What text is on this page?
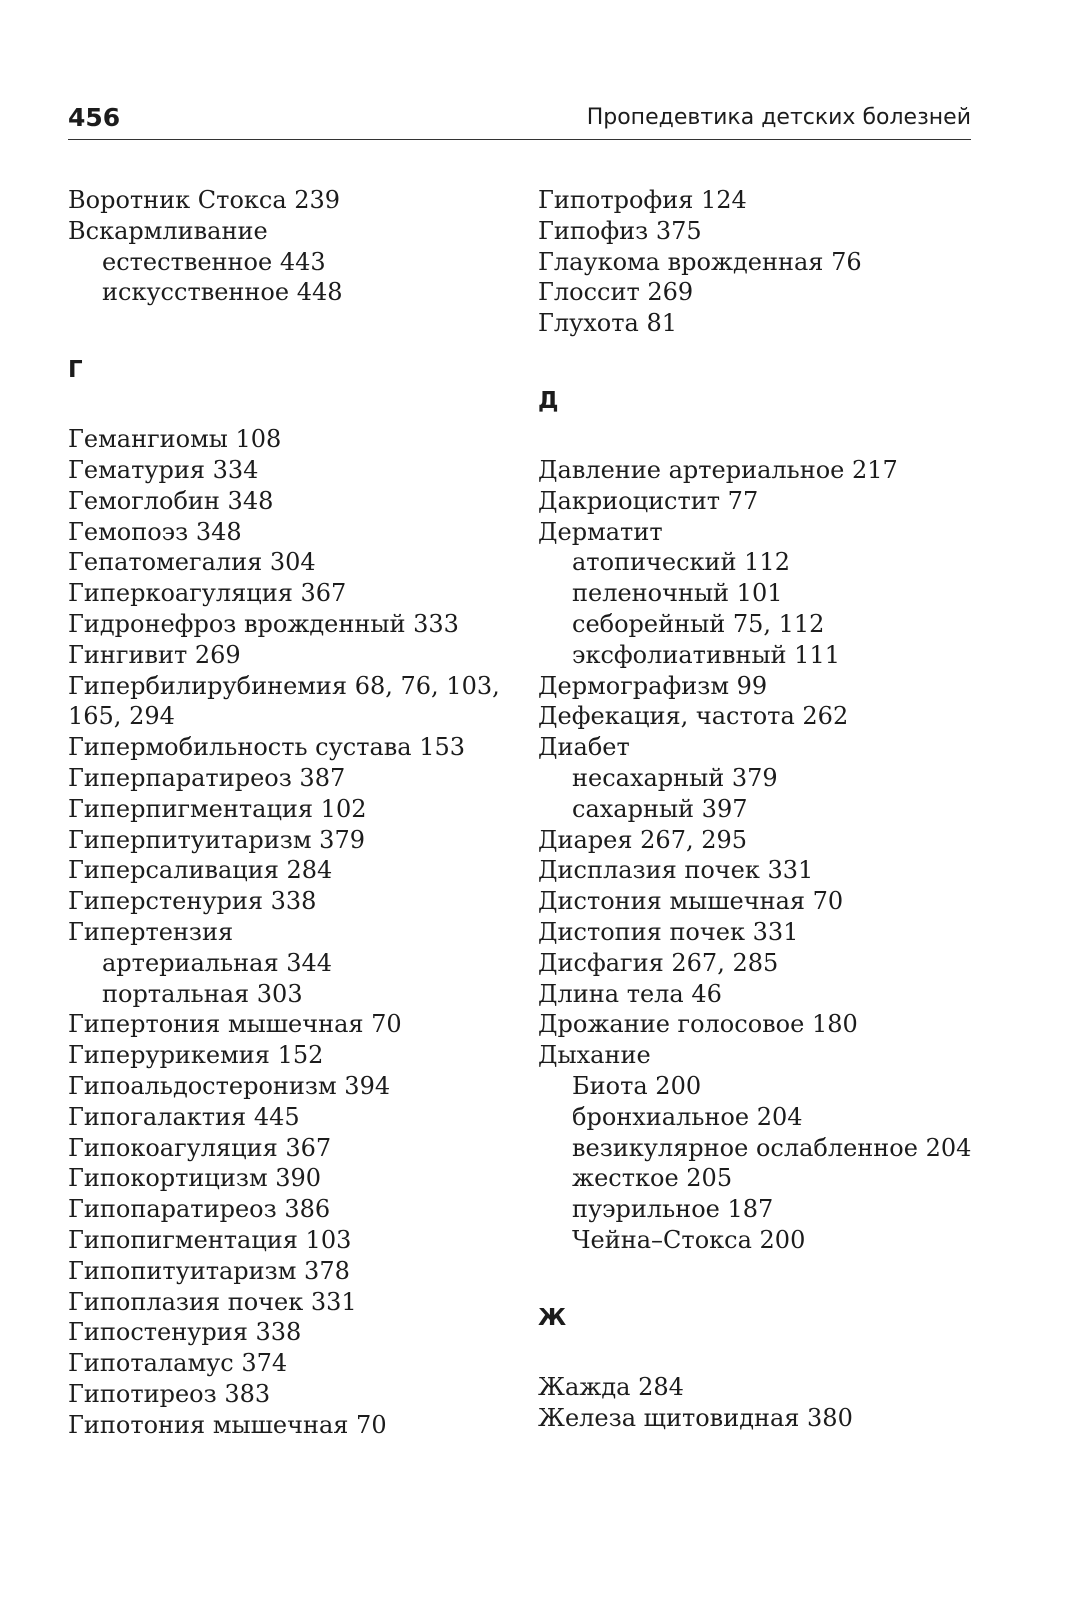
456	Пропедевтика детских болезней
Воротник Стокса 239
Вскармливание
естественное 443
искусственное 448
Г
Гемангиомы 108
Гематурия 334
Гемоглобин 348
Гемопоэз 348
Гепатомегалия 304
Гиперкоагуляция 367
Гидронефроз врожденный 333
Гингивит 269
Гипербилирубинемия 68, 76, 103,
165, 294
Гипермобильность сустава 153
Гиперпаратиреоз 387
Гиперпигментация 102
Гиперпитуитаризм 379
Гиперсаливация 284
Гиперстенурия 338
Гипертензия
артериальная 344
портальная 303
Гипертония мышечная 70
Гиперурикемия 152
Гипоальдостеронизм 394
Гипогалактия 445
Гипокоагуляция 367
Гипокортицизм 390
Гипопаратиреоз 386
Гипопигментация 103
Гипопитуитаризм 378
Гипоплазия почек 331
Гипостенурия 338
Гипоталамус 374
Гипотиреоз 383
Гипотония мышечная 70
Гипотрофия 124
Гипофиз 375
Глаукома врожденная 76
Глоссит 269
Глухота 81
Д
Давление артериальное 217
Дакриоцистит 77
Дерматит
атопический 112
пеленочный 101
себорейный 75, 112
эксфолиативный 111
Дермографизм 99
Дефекация, частота 262
Диабет
несахарный 379
сахарный 397
Диарея 267, 295
Дисплазия почек 331
Дистония мышечная 70
Дистопия почек 331
Дисфагия 267, 285
Длина тела 46
Дрожание голосовое 180
Дыхание
Биота 200
бронхиальное 204
везикулярное ослабленное 204
жесткое 205
пуэрильное 187
Чейна–Стокса 200
Ж
Жажда 284
Железа щитовидная 380
